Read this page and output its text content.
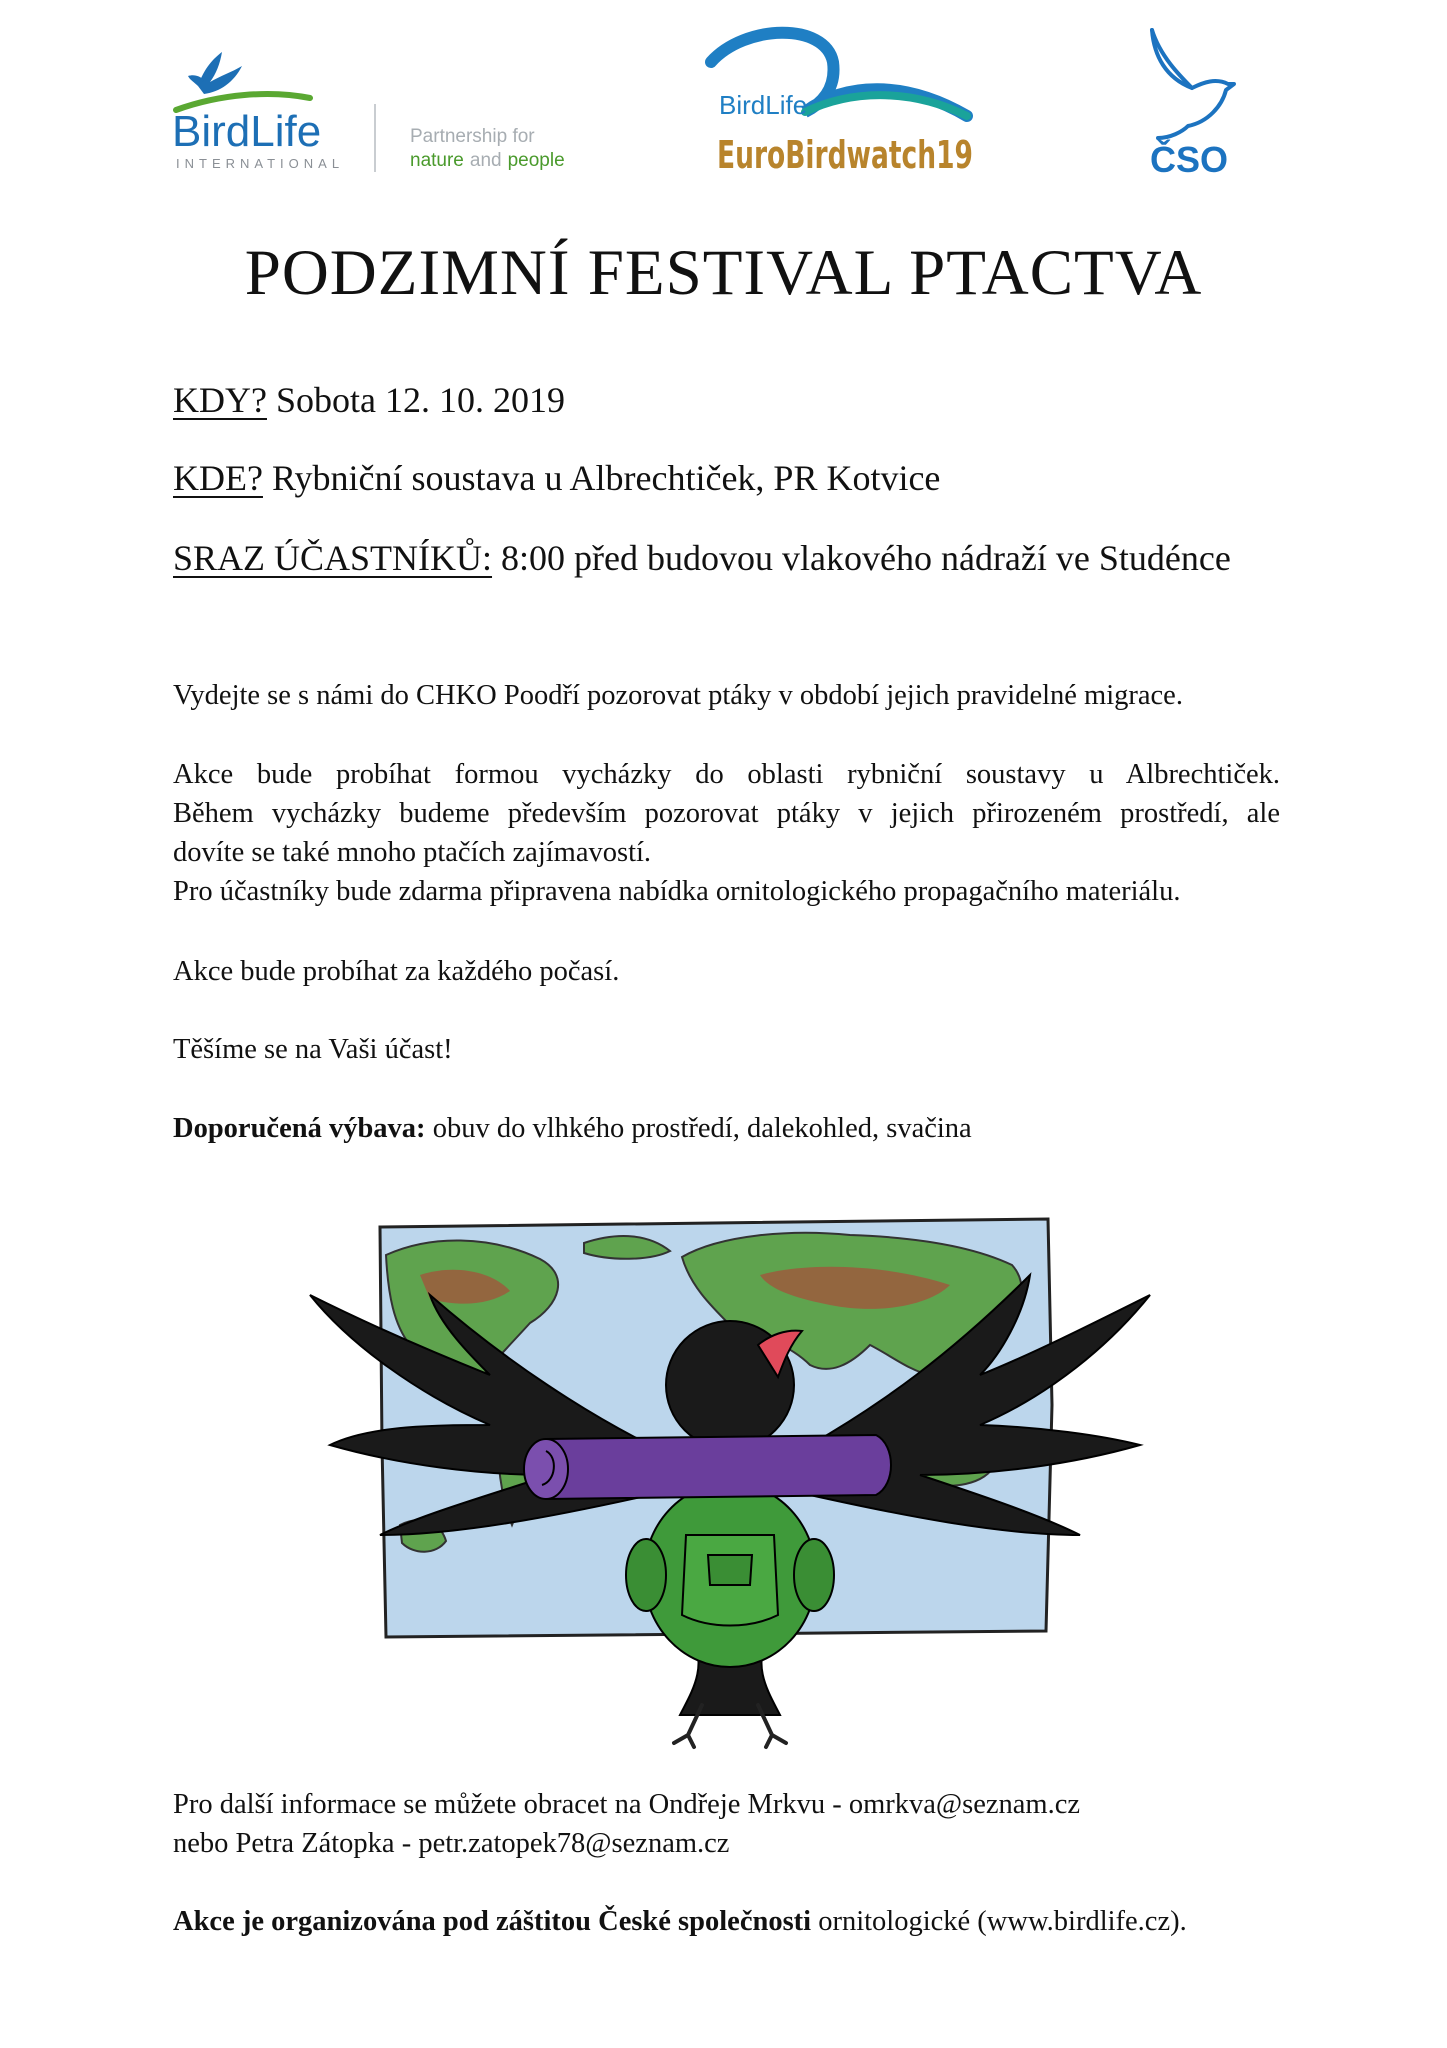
BirdLife
INTERNATIONAL
Partnership for
nature and people
BirdLife
EuroBirdwatch19	ČSO
PODZIMNÍ FESTIVAL PTACTVA

KDY? Sobota 12. 10. 2019

KDE? Rybniční soustava u Albrechtiček, PR Kotvice

SRAZ ÚČASTNÍKŮ: 8:00 před budovou vlakového nádraží ve Studénce

Vydejte se s námi do CHKO Poodří pozorovat ptáky v období jejich pravidelné migrace.

Akce bude probíhat formou vycházky do oblasti rybniční soustavy u Albrechtiček.
Během vycházky budeme především pozorovat ptáky v jejich přirozeném prostředí, ale
dovíte se také mnoho ptačích zajímavostí.
Pro účastníky bude zdarma připravena nabídka ornitologického propagačního materiálu.

Akce bude probíhat za každého počasí.

Těšíme se na Vaši účast!

Doporučená výbava: obuv do vlhkého prostředí, dalekohled, svačina

Pro další informace se můžete obracet na Ondřeje Mrkvu - omrkva@seznam.cz
nebo Petra Zátopka - petr.zatopek78@seznam.cz

Akce je organizována pod záštitou České společnosti ornitologické (www.birdlife.cz).
